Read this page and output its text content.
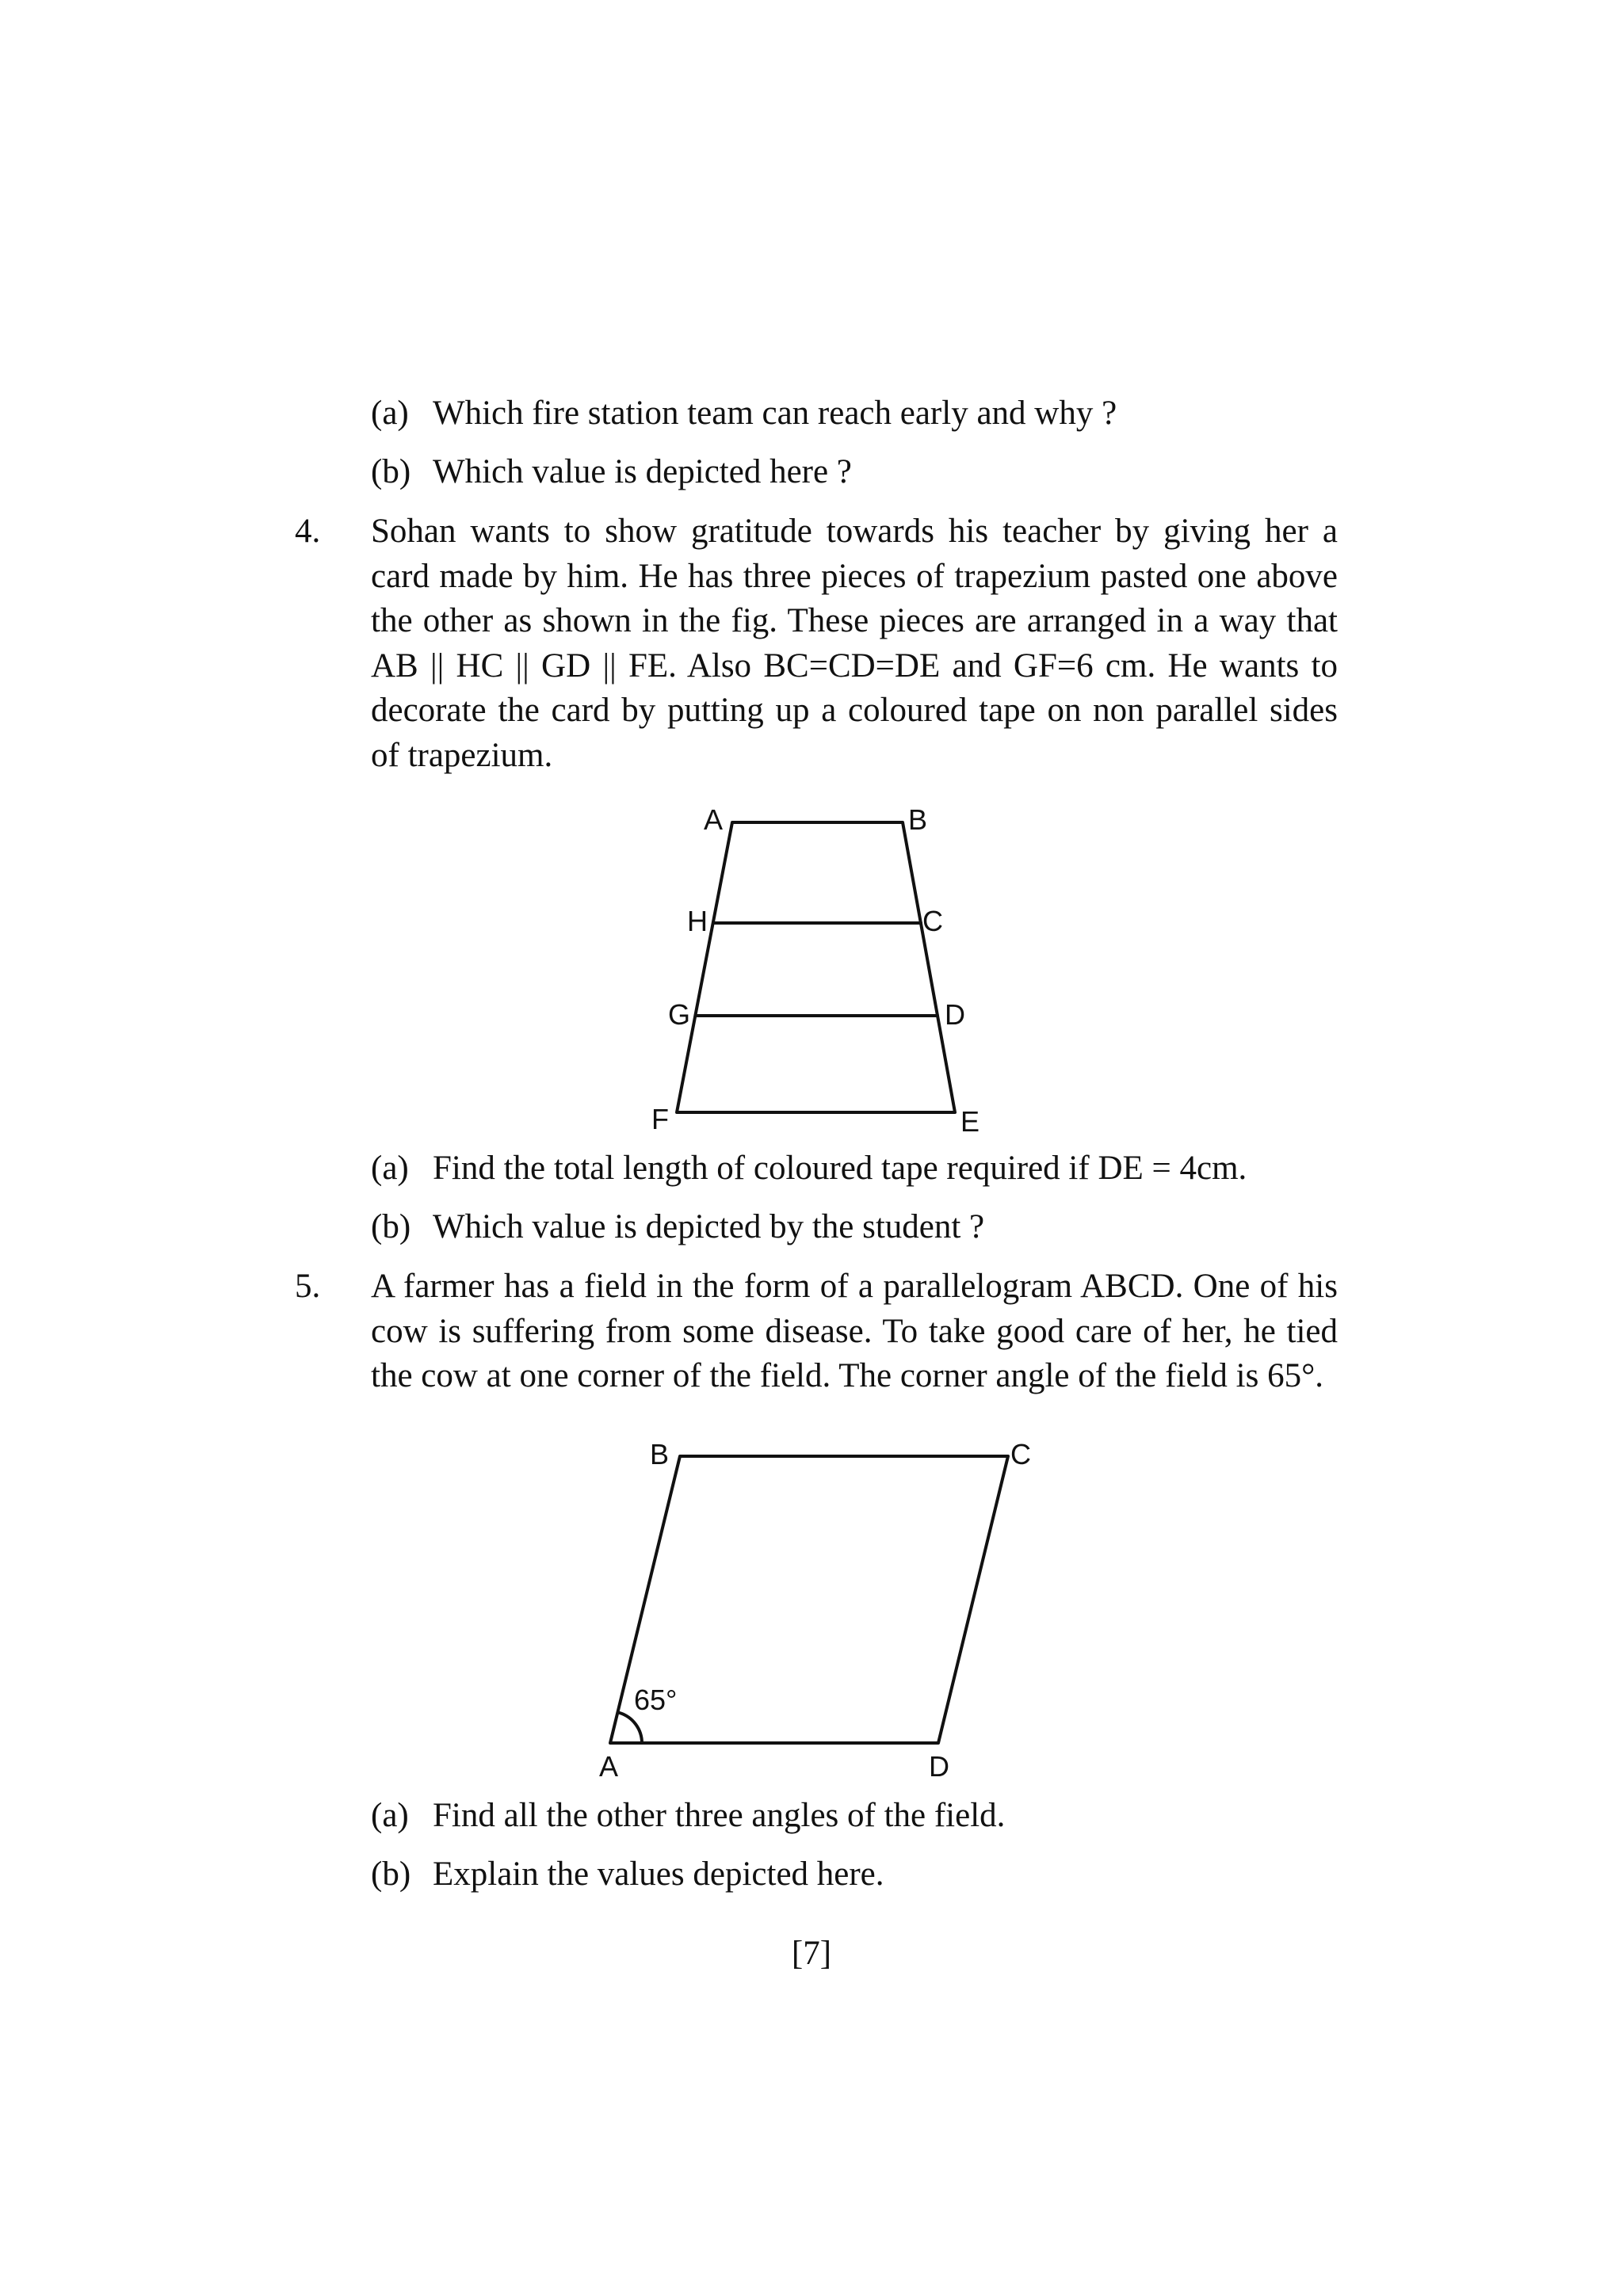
(a) Which fire station team can reach early and why ?
(b) Which value is depicted here ?
4. Sohan wants to show gratitude towards his teacher by giving her a
card made by him. He has three pieces of trapezium pasted one above
the other as shown in the fig. These pieces are arranged in a way that
AB || HC || GD || FE. Also BC=CD=DE and GF=6 cm. He wants to
decorate the card by putting up a coloured tape on non parallel sides
of trapezium.
A	B
H	C
G	D
F	E
(a) Find the total length of coloured tape required if DE = 4cm.
(b) Which value is depicted by the student ?
5. A farmer has a field in the form of a parallelogram ABCD. One of his
cow is suffering from some disease. To take good care of her, he tied
the cow at one corner of the field. The corner angle of the field is 65°.
B	C
65°
A	D
(a) Find all the other three angles of the field.
(b) Explain the values depicted here.
[7]
